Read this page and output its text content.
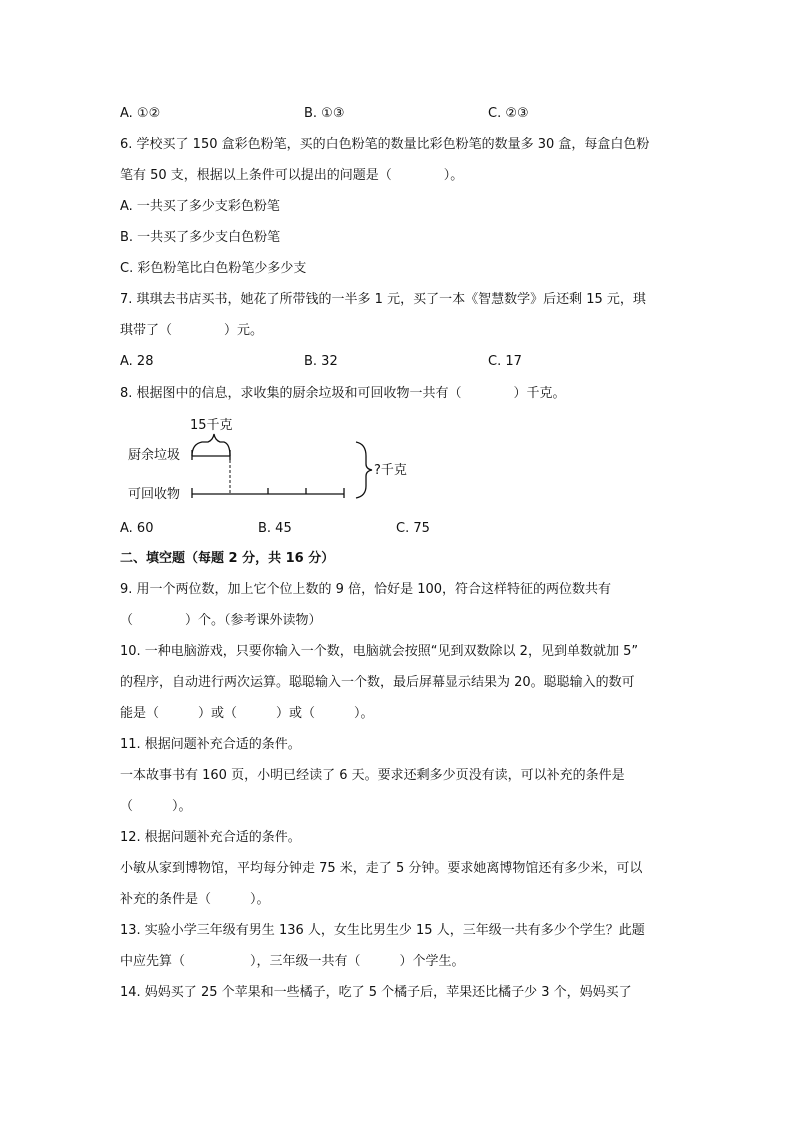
A. ①②	B. ①③	C. ②③
6. 学校买了 150 盒彩色粉笔，买的白色粉笔的数量比彩色粉笔的数量多 30 盒，每盒白色粉
笔有 50 支，根据以上条件可以提出的问题是（　　　　）。
A. 一共买了多少支彩色粉笔
B. 一共买了多少支白色粉笔
C. 彩色粉笔比白色粉笔少多少支
7. 琪琪去书店买书，她花了所带钱的一半多 1 元，买了一本《智慧数学》后还剩 15 元，琪
琪带了（　　　　）元。
A. 28	B. 32	C. 17
8. 根据图中的信息，求收集的厨余垃圾和可回收物一共有（　　　　）千克。
15千克
厨余垃圾
可回收物
?千克
A. 60	B. 45	C. 75
二、填空题（每题 2 分，共 16 分）
9. 用一个两位数，加上它个位上数的 9 倍，恰好是 100，符合这样特征的两位数共有
（　　　　）个。（参考课外读物）
10. 一种电脑游戏，只要你输入一个数，电脑就会按照“见到双数除以 2，见到单数就加 5”
的程序，自动进行两次运算。聪聪输入一个数，最后屏幕显示结果为 20。聪聪输入的数可
能是（　　　）或（　　　）或（　　　）。
11. 根据问题补充合适的条件。
一本故事书有 160 页，小明已经读了 6 天。要求还剩多少页没有读，可以补充的条件是
（　　　）。
12. 根据问题补充合适的条件。
小敏从家到博物馆，平均每分钟走 75 米，走了 5 分钟。要求她离博物馆还有多少米，可以
补充的条件是（　　　）。
13. 实验小学三年级有男生 136 人，女生比男生少 15 人，三年级一共有多少个学生？此题
中应先算（　　　　　），三年级一共有（　　　）个学生。
14. 妈妈买了 25 个苹果和一些橘子，吃了 5 个橘子后，苹果还比橘子少 3 个，妈妈买了
